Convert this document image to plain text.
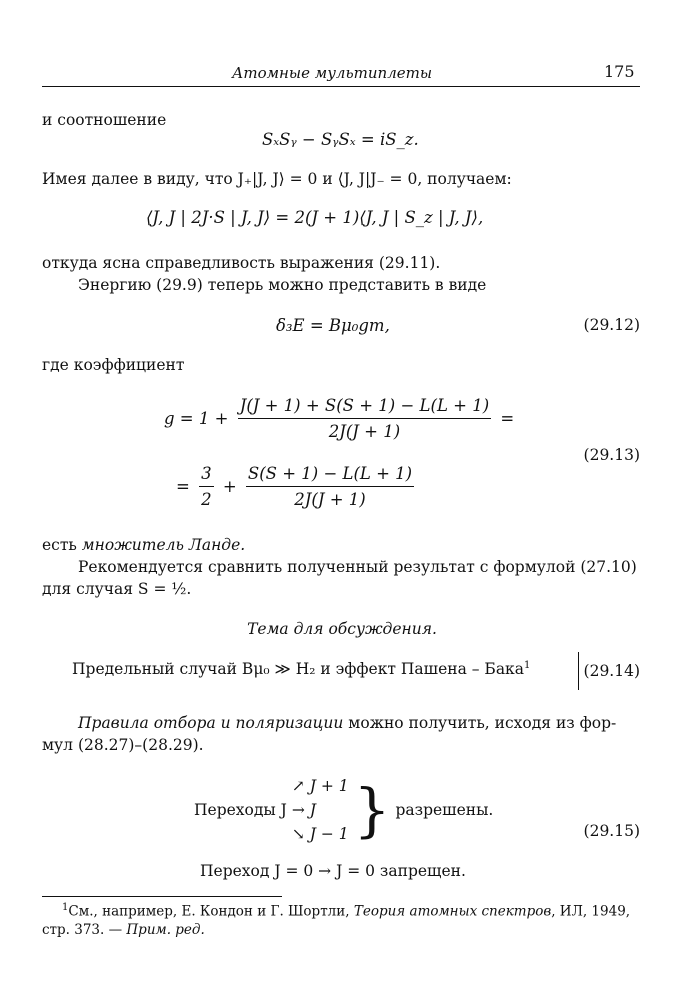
Атомные мультиплеты	175
и соотношение
SₓSᵧ − SᵧSₓ = iS_z.
Имея далее в виду, что J₊|J, J⟩ = 0 и ⟨J, J|J₋ = 0, получаем:
⟨J, J | 2J·S | J, J⟩ = 2(J + 1)⟨J, J | S_z | J, J⟩,
откуда ясна справедливость выражения (29.11).
Энергию (29.9) теперь можно представить в виде
δ₃E = Bμ₀gm,	(29.12)
где коэффициент
$g = 1 + \frac{J(J + 1) + S(S + 1) - L(L + 1)}{2J(J + 1)}$ =
= $\frac{3}{2} + \frac{S(S + 1) - L(L + 1)}{2J(J + 1)}$
(29.13)
есть множитель Ланде.
Рекомендуется сравнить полученный результат с формулой (27.10)
для случая S = ½.
Тема для обсуждения.
Предельный случай Bμ₀ ≫ H₂ и эффект Пашена – Бака$^1$	(29.14)
Правила отбора и поляризации можно получить, исходя из фор-
мул (28.27)–(28.29).
Переходы J
↗ J + 1
→ J
↘ J − 1 } разрешены.
(29.15)
Переход J = 0 → J = 0 запрещен.
$^1$См., например, Е. Кондон и Г. Шортли, Теория атомных спектров, ИЛ, 1949,
стр. 373. — Прим. ред.
